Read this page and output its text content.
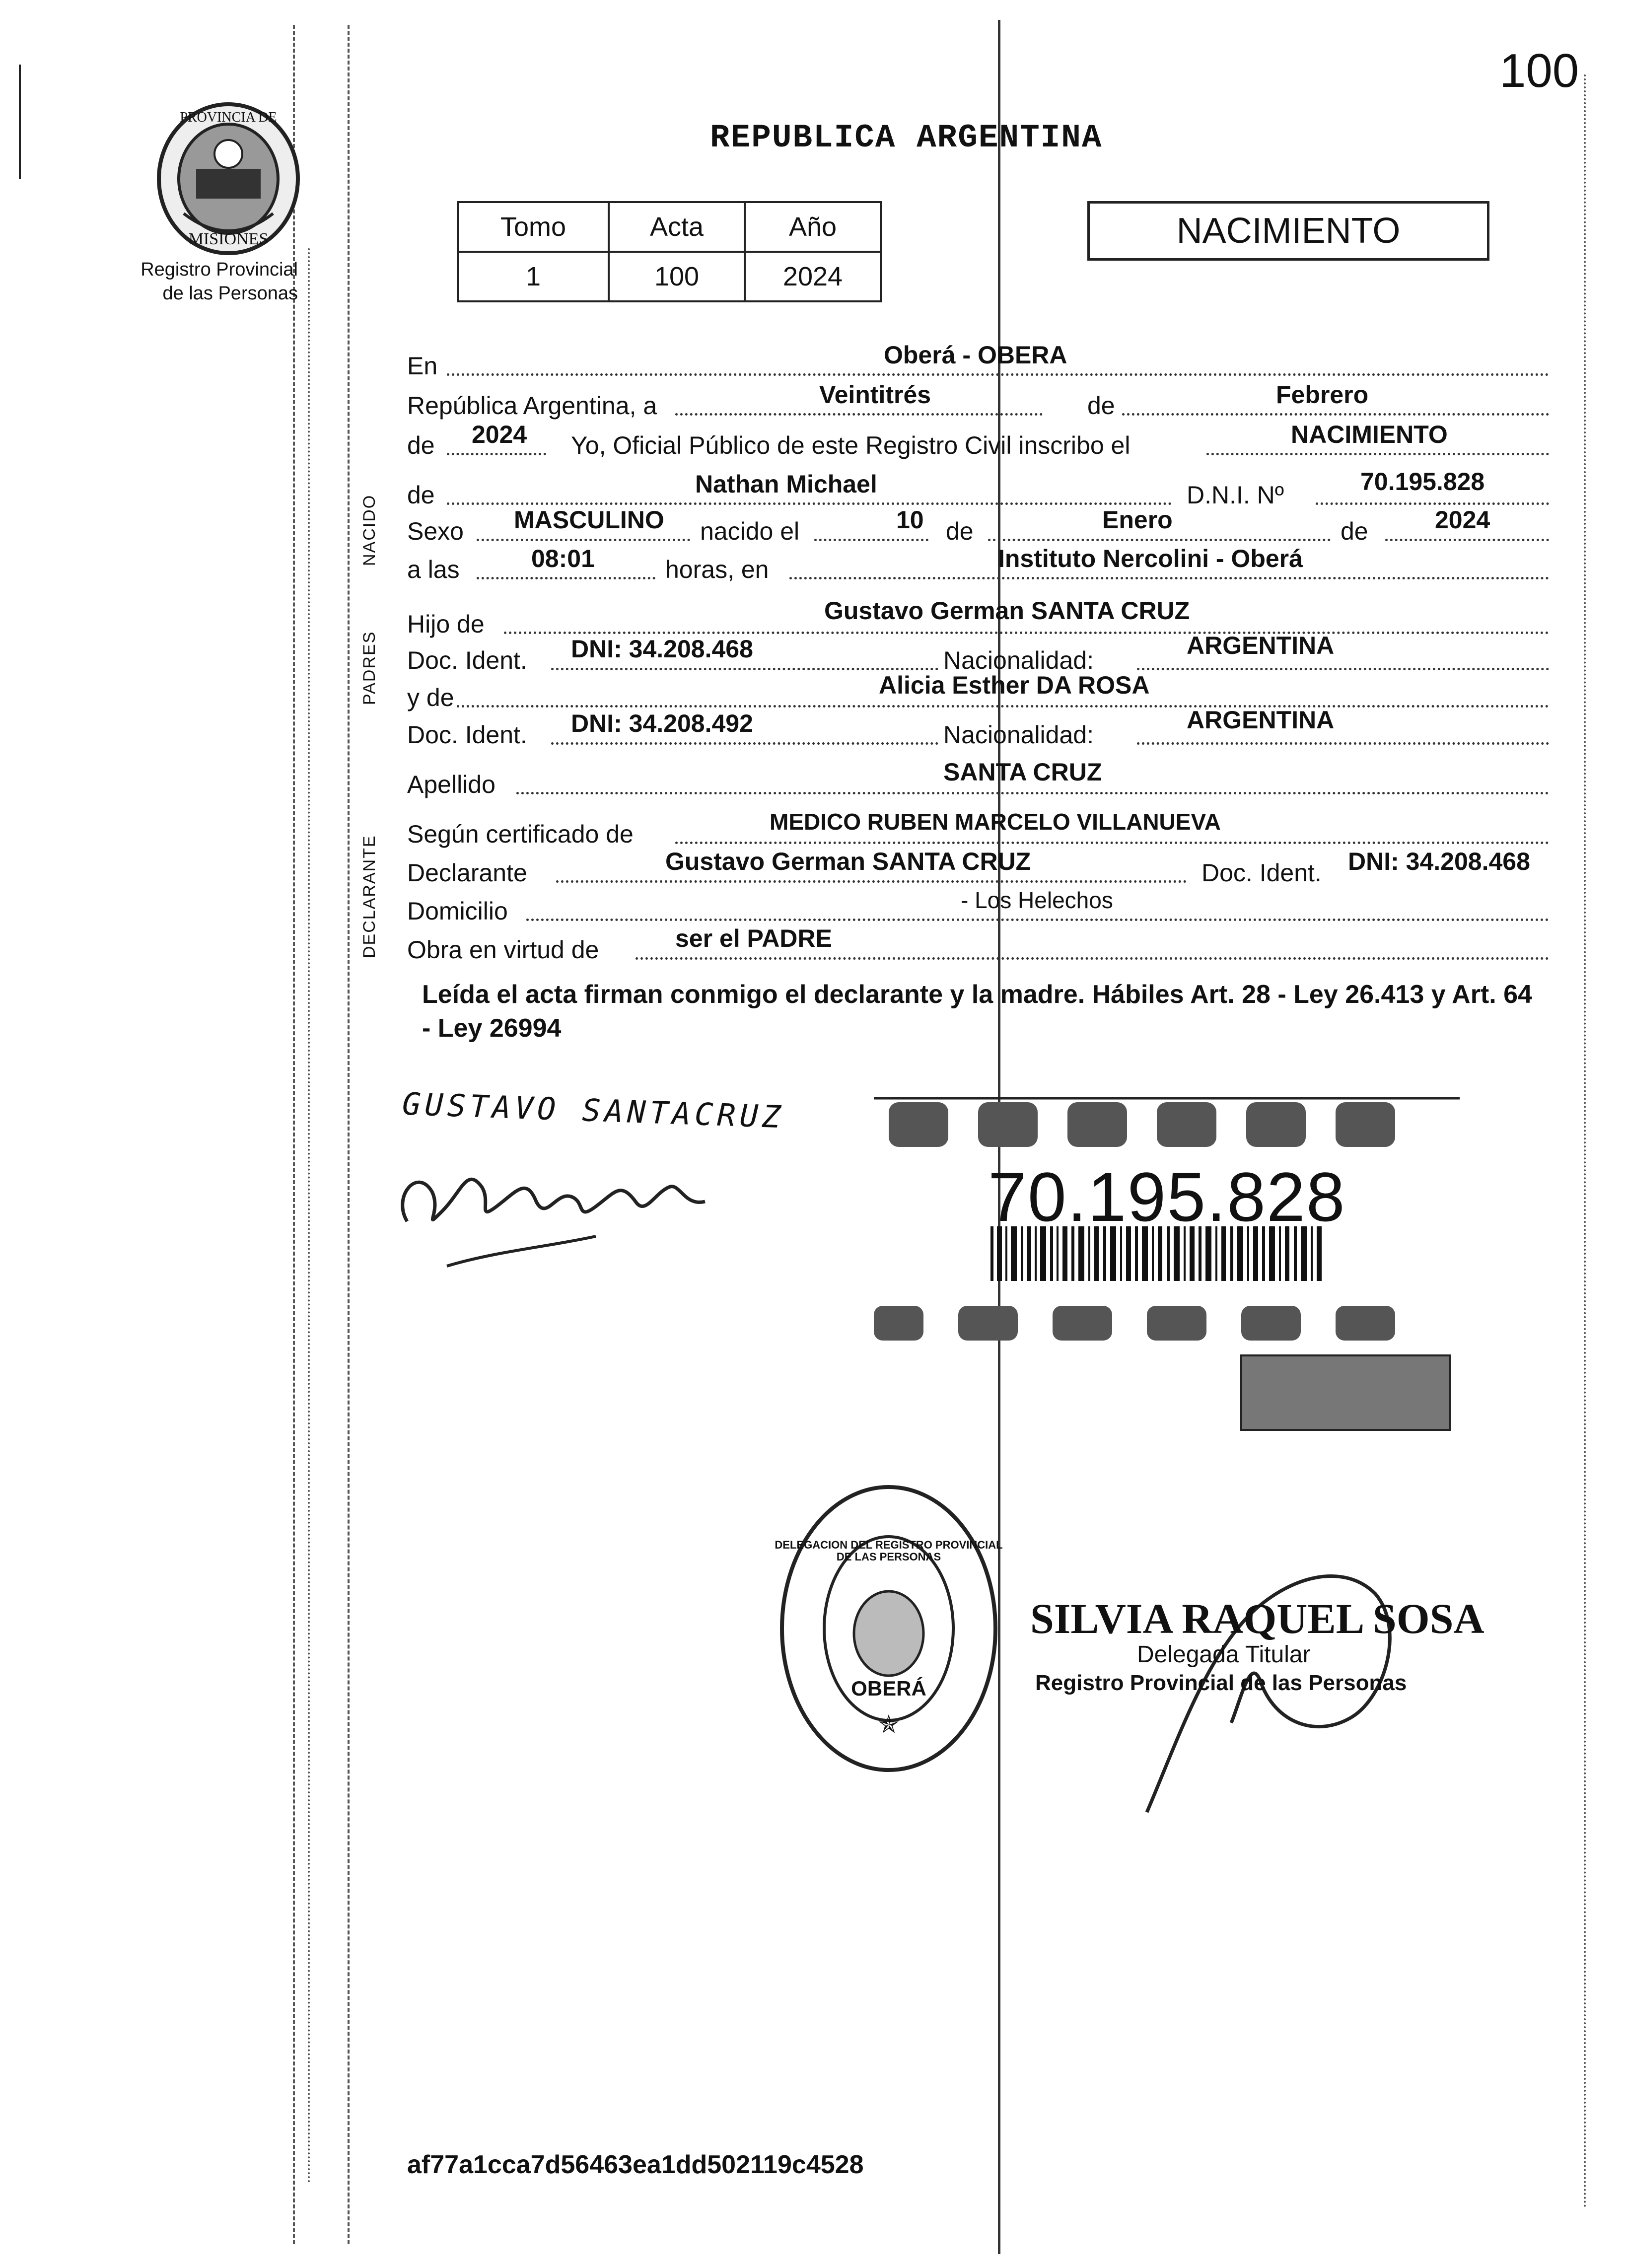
100
PROVINCIA DE
MISIONES
Registro Provincial
de las Personas
REPUBLICA ARGENTINA
Tomo	Acta	Año
1	100	2024
NACIMIENTO
NACIDO
PADRES
DECLARANTE
En	Oberá - OBERA
República Argentina, a	Veintitrés	de	Febrero
de 2024 Yo, Oficial Público de este Registro Civil inscribo el	NACIMIENTO
de	Nathan Michael	D.N.I. Nº	70.195.828
Sexo MASCULINO nacido el	10 de	Enero	de	2024
a las	08:01	horas, en	Instituto Nercolini - Oberá
Hijo de	Gustavo German SANTA CRUZ
Doc. Ident. DNI: 34.208.468	Nacionalidad:
ARGENTINA
y de	Alicia Esther DA ROSA
Doc. Ident. DNI: 34.208.492	Nacionalidad:
ARGENTINA
Apellido	SANTA CRUZ
Según certificado de	MEDICO RUBEN MARCELO VILLANUEVA
Declarante	Gustavo German SANTA CRUZ	Doc. Ident. DNI: 34.208.468
Domicilio	- Los Helechos
Obra en virtud de	ser el PADRE
Leída el acta firman conmigo el declarante y la madre. Hábiles Art. 28 - Ley 26.413 y Art. 64 - Ley 26994
GUSTAVO SANTACRUZ
70.195.828
OBERÁ
✯
DELEGACION DEL REGISTRO PROVINCIAL DE LAS PERSONAS
SILVIA RAQUEL SOSA
Delegada Titular
Registro Provincial de las Personas
af77a1cca7d56463ea1dd502119c4528
